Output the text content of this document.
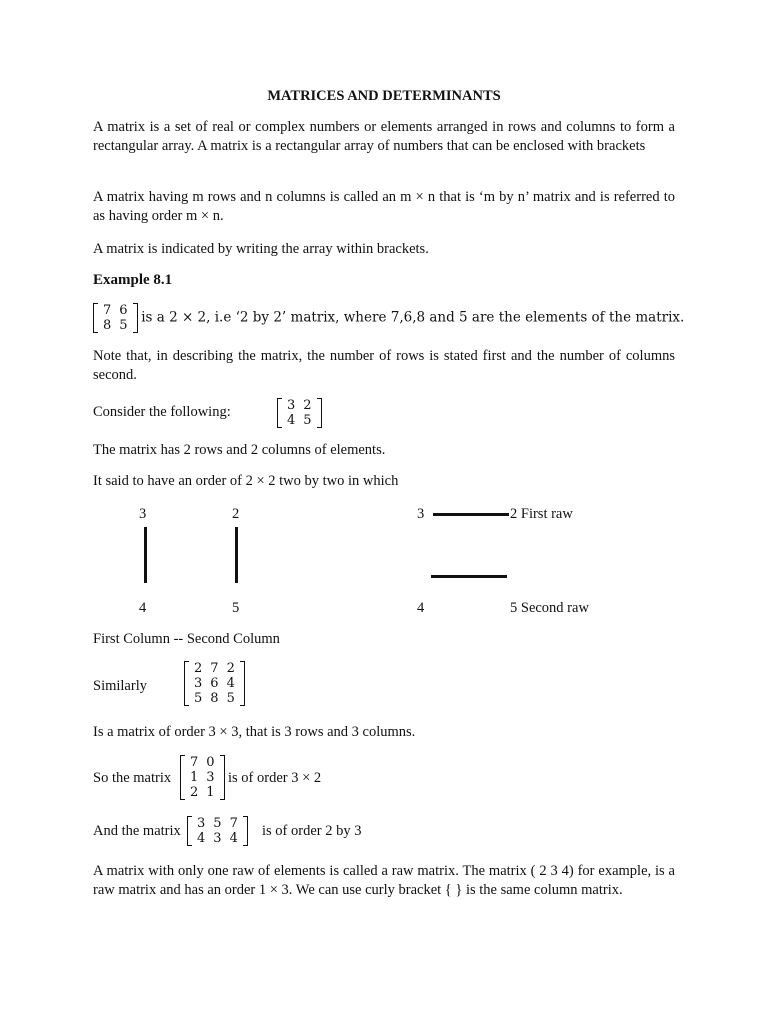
MATRICES AND DETERMINANTS
A matrix is a set of real or complex numbers or elements arranged in rows and columns to form a rectangular array. A matrix is a rectangular array of numbers that can be enclosed with brackets
A matrix having m rows and n columns is called an m × n that is ‘m by n’ matrix and is referred to as having order m × n.
A matrix is indicated by writing the array within brackets.
Example 8.1
7	6
8	5
is a 2 × 2, i.e ‘2 by 2’ matrix, where 7,6,8 and 5 are the elements of the matrix.
Note that, in describing the matrix, the number of rows is stated first and the number of columns second.
Consider the following:	3	2
4	5
The matrix has 2 rows and 2 columns of elements.
It said to have an order of 2 × 2 two by two in which
3	2
4	5
3	2 First raw
4	5 Second raw
First Column -- Second Column
Similarly
2	7	2
3	6	4
5	8	5
Is a matrix of order 3 × 3, that is 3 rows and 3 columns.
So the matrix
7	0
1	3
2	1
is of order 3 × 2
And the matrix 3	5	7
4	3	4 is of order 2 by 3
A matrix with only one raw of elements is called a raw matrix. The matrix ( 2 3 4) for example, is a raw matrix and has an order 1 × 3. We can use curly bracket { } is the same column matrix.
